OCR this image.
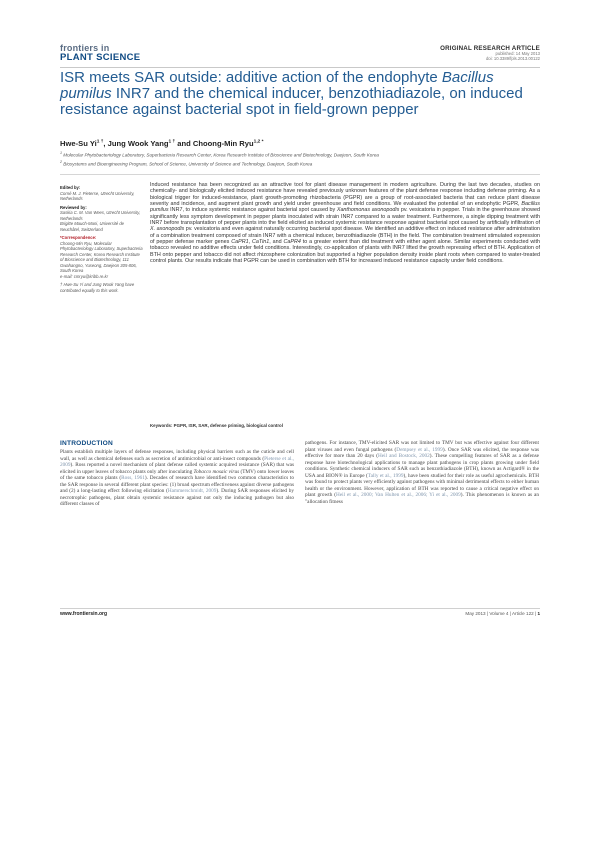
frontiers in
PLANT SCIENCE
ORIGINAL RESEARCH ARTICLE
published: 14 May 2013
doi: 10.3389/fpls.2013.00122
ISR meets SAR outside: additive action of the endophyte Bacillus pumilus INR7 and the chemical inducer, benzothiadiazole, on induced resistance against bacterial spot in field-grown pepper
Hwe-Su $Yi^{1 \dagger}$, Jung Wook Yang$^{1 \dagger}$ and Choong-Min Ryu$^{1,2 *}$
$^1$ Molecular Phytobacteriology Laboratory, Superbacteria Research Center, Korea Research Institute of Bioscience and Biotechnology, Daejeon, South Korea
$^2$ Biosystems and Bioengineering Program, School of Science, University of Science and Technology, Daejeon, South Korea
Edited by:
Corné M. J. Pieterse, Utrecht University, Netherlands
Reviewed by:
Saskia C. M. Van Wees, Utrecht University, Netherlands
Brigitte Mauch-Mani, Université de Neuchâtel, Switzerland
*Correspondence:
Choong-Min Ryu, Molecular Phytobacteriology Laboratory, Superbacteria Research Center, Korea Research Institute of Bioscience and Biotechnology, 111 Gwahangno, Yuseong, Daejeon 305-806, South Korea
e-mail: cmryu@kribb.re.kr
† Hwe-Su Yi and Jung Wook Yang have contributed equally to this work.
Induced resistance has been recognized as an attractive tool for plant disease management in modern agriculture. During the last two decades, studies on chemically- and biologically elicited induced resistance have revealed previously unknown features of the plant defense response including defense priming. As a biological trigger for induced-resistance, plant growth-promoting rhizobacteria (PGPR) are a group of root-associated bacteria that can reduce plant disease severity and incidence, and augment plant growth and yield under greenhouse and field conditions. We evaluated the potential of an endophytic PGPR, Bacillus pumilus INR7, to induce systemic resistance against bacterial spot caused by Xanthomonas axonopodis pv. vesicatoria in pepper. Trials in the greenhouse showed significantly less symptom development in pepper plants inoculated with strain INR7 compared to a water treatment. Furthermore, a single dipping treatment with INR7 before transplantation of pepper plants into the field elicited an induced systemic resistance response against bacterial spot caused by artificially infiltration of X. axonopodis pv. vesicatoria and even against naturally occurring bacterial spot disease. We identified an additive effect on induced resistance after administration of a combination treatment composed of strain INR7 with a chemical inducer, benzothiadiazole (BTH) in the field. The combination treatment stimulated expression of pepper defense marker genes CaPR1, CaTin1, and CaPR4 to a greater extent than did treatment with either agent alone. Similar experiments conducted with tobacco revealed no additive effects under field conditions. Interestingly, co-application of plants with INR7 lifted the growth repressing effect of BTH. Application of BTH onto pepper and tobacco did not affect rhizosphere colonization but supported a higher population density inside plant roots when compared to water-treated control plants. Our results indicate that PGPR can be used in combination with BTH for increased induced resistance capacity under field conditions.
Keywords: PGPR, ISR, SAR, defense priming, biological control
INTRODUCTION
Plants establish multiple layers of defense responses, including physical barriers such as the cuticle and cell wall, as well as chemical defenses such as secretion of antimicrobial or anti-insect compounds (Pieterse et al., 2009). Ross reported a novel mechanism of plant defense called systemic acquired resistance (SAR) that was elicited in upper leaves of tobacco plants only after inoculating Tobacco mosaic virus (TMV) onto lower leaves of the same tobacco plants (Ross, 1961). Decades of research have identified two common characteristics to the SAR response in several different plant species: (1) broad spectrum effectiveness against diverse pathogens and (2) a long-lasting effect following elicitation (Hammerschmidt, 2009). During SAR responses elicited by necrotrophic pathogens, plant obtain systemic resistance against not only the inducing pathogen but also different classes of
pathogens. For instance, TMV-elicited SAR was not limited to TMV but was effective against four different plant viruses and even fungal pathogens (Dempsey et al., 1999). Once SAR was elicited, the response was effective for more than 20 days (Heil and Bostock, 2002). These compelling features of SAR as a defense response have biotechnological applications to manage plant pathogens in crop plants growing under field conditions. Synthetic chemical inducers of SAR such as benzothiadiazole (BTH), known as Actigard® in the USA and BION® in Europe (Tally et al., 1999), have been studied for their role as useful agrochemicals. BTH was found to protect plants very efficiently against pathogens with minimal detrimental effects to either human health or the environment. However, application of BTH was reported to cause a critical negative effect on plant growth (Heil et al., 2000; Van Hulten et al., 2006; Yi et al., 2009). This phenomenon is known as an "allocation fitness
www.frontiersin.org	May 2013 | Volume 4 | Article 122 | 1
